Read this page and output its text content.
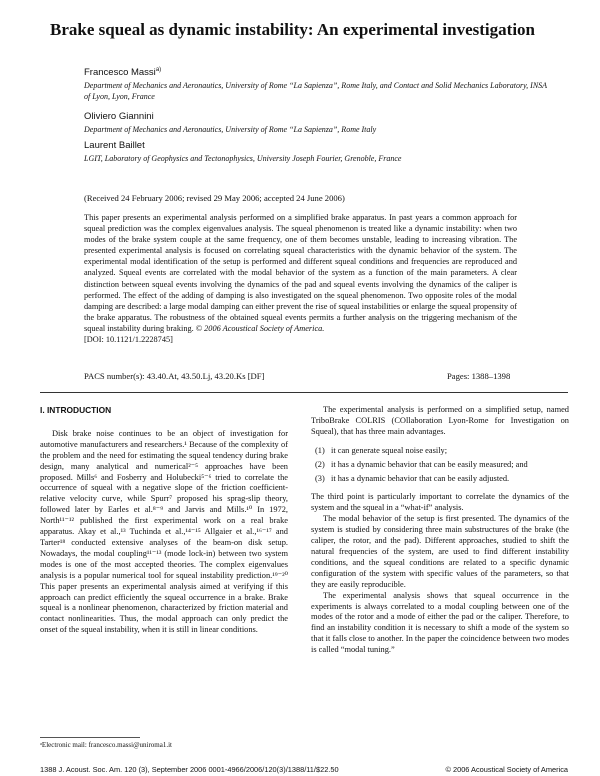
Brake squeal as dynamic instability: An experimental investigation
Francesco Massi$^{a)}$
Department of Mechanics and Aeronautics, University of Rome “La Sapienza”, Rome Italy, and Contact and Solid Mechanics Laboratory, INSA of Lyon, Lyon, France
Oliviero Giannini
Department of Mechanics and Aeronautics, University of Rome “La Sapienza”, Rome Italy
Laurent Baillet
LGIT, Laboratory of Geophysics and Tectonophysics, University Joseph Fourier, Grenoble, France
(Received 24 February 2006; revised 29 May 2006; accepted 24 June 2006)
This paper presents an experimental analysis performed on a simplified brake apparatus. In past years a common approach for squeal prediction was the complex eigenvalues analysis. The squeal phenomenon is treated like a dynamic instability: when two modes of the brake system couple at the same frequency, one of them becomes unstable, leading to increasing vibration. The presented experimental analysis is focused on correlating squeal characteristics with the dynamic behavior of the system. The experimental modal identification of the setup is performed and different squeal conditions and frequencies are reproduced and analyzed. Squeal events are correlated with the modal behavior of the system as a function of the main parameters. A clear distinction between squeal events involving the dynamics of the pad and squeal events involving the dynamics of the caliper is performed. The effect of the adding of damping is also investigated on the squeal phenomenon. Two opposite roles of the modal damping are described: a large modal damping can either prevent the rise of squeal instabilities or enlarge the squeal propensity of the brake apparatus. The robustness of the obtained squeal events permits a further analysis on the triggering mechanism of the squeal instability during braking. © 2006 Acoustical Society of America.
[DOI: 10.1121/1.2228745]
PACS number(s): 43.40.At, 43.50.Lj, 43.20.Ks [DF]	Pages: 1388–1398
I. INTRODUCTION

Disk brake noise continues to be an object of investigation for automotive manufacturers and researchers.¹ Because of the complexity of the problem and the need for estimating the squeal tendency during brake design, many analytical and numerical²⁻⁵ approaches have been proposed. Mills⁶ and Fosberry and Holubecki⁵⁻⁶ tried to correlate the occurrence of squeal with a negative slope of the friction coefficient-relative velocity curve, while Spurr⁷ proposed his sprag-slip theory, followed later by Earles et al.⁸⁻⁹ and Jarvis and Mills.¹⁰ In 1972, North¹¹⁻¹² published the first experimental work on a real brake apparatus. Akay et al.,¹³ Tuchinda et al.,¹⁴⁻¹⁵ Allgaier et al.,¹⁶⁻¹⁷ and Tarter¹⁸ conducted extensive analyses of the beam-on disk setup. Nowadays, the modal coupling¹¹⁻¹³ (mode lock-in) between two system modes is one of the most accepted theories. The complex eigenvalues analysis is a popular numerical tool for squeal instability prediction.¹⁹⁻²⁰ This paper presents an experimental analysis aimed at verifying if this approach can predict efficiently the squeal occurrence in a brake. Brake squeal is a nonlinear phenomenon, characterized by friction material and contact nonlinearities. Thus, the modal approach can only predict the onset of the squeal instability, when it is still in linear conditions.

The experimental analysis is performed on a simplified setup, named TriboBrake COLRIS (COllaboration Lyon-Rome for Investigation on Squeal), that has three main advantages.

(1) it can generate squeal noise easily;
(2) it has a dynamic behavior that can be easily measured; and
(3) it has a dynamic behavior that can be easily adjusted.

The third point is particularly important to correlate the dynamics of the system and the squeal in a “what-if” analysis.

The modal behavior of the setup is first presented. The dynamics of the system is studied by considering three main substructures of the brake (the caliper, the rotor, and the pad). Different approaches, studied to shift the natural frequencies of the system, are used to find different instability conditions, and the squeal conditions are related to a specific dynamic configuration of the system with specific values of the parameters, so that they are easily reproducible.

The experimental analysis shows that squeal occurrence in the experiments is always correlated to a modal coupling between one of the modes of the rotor and a mode of either the pad or the caliper. Therefore, to find an instability condition it is necessary to shift a mode of the system so that it falls close to another. In the paper the coincidence between two modes is called “modal tuning.”

ᵃElectronic mail: francesco.massi@uniroma1.it
1388 J. Acoust. Soc. Am. 120 (3), September 2006 0001-4966/2006/120(3)/1388/11/$22.50	© 2006 Acoustical Society of America
